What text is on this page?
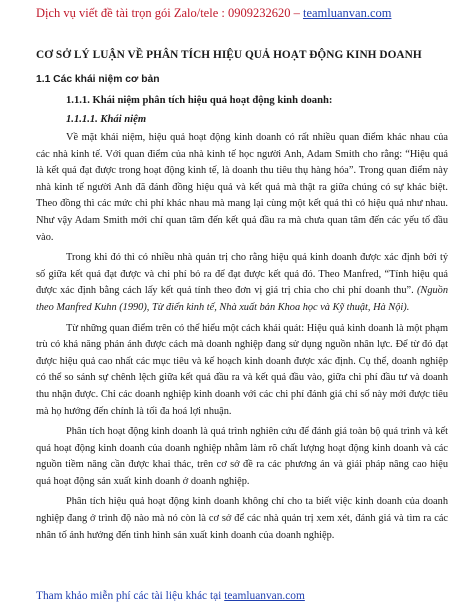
Dịch vụ viết đề tài trọn gói Zalo/tele : 0909232620 – teamluanvan.com
CƠ SỞ LÝ LUẬN VỀ PHÂN TÍCH HIỆU QUẢ HOẠT ĐỘNG KINH DOANH
1.1 Các khái niệm cơ bản
1.1.1. Khái niệm phân tích hiệu quả hoạt động kinh doanh:
1.1.1.1. Khái niệm

Về mặt khái niệm, hiệu quả hoạt động kinh doanh có rất nhiều quan điểm khác nhau của các nhà kinh tế. Với quan điểm của nhà kinh tế học người Anh, Adam Smith cho rằng: “Hiệu quả là kết quả đạt được trong hoạt động kinh tế, là doanh thu tiêu thụ hàng hóa”. Trong quan điểm này nhà kinh tế người Anh đã đánh đồng hiệu quả và kết quả mà thật ra giữa chúng có sự khác biệt. Theo đồng thì các mức chi phí khác nhau mà mang lại cùng một kết quả thì có hiệu quả như nhau. Như vậy Adam Smith mới chỉ quan tâm đến kết quả đầu ra mà chưa quan tâm đến các yếu tố đầu vào.

Trong khi đó thì có nhiều nhà quản trị cho rằng hiệu quả kinh doanh được xác định bởi tỷ số giữa kết quả đạt được và chi phí bỏ ra để đạt được kết quả đó. Theo Manfred, “Tính hiệu quả được xác định bằng cách lấy kết quả tính theo đơn vị giá trị chia cho chi phí doanh thu”. (Nguồn theo Manfred Kuhn (1990), Từ điển kinh tế, Nhà xuất bản Khoa học và Kỹ thuật, Hà Nội).

Từ những quan điểm trên có thể hiểu một cách khái quát: Hiệu quả kinh doanh là một phạm trù có khả năng phản ánh được cách mà doanh nghiệp đang sử dụng nguồn nhân lực. Để từ đó đạt được hiệu quả cao nhất các mục tiêu và kế hoạch kinh doanh được xác định. Cụ thể, doanh nghiệp có thể so sánh sự chênh lệch giữa kết quả đầu ra và kết quả đầu vào, giữa chi phí đầu tư và doanh thu nhận được. Chỉ các doanh nghiệp kinh doanh với các chi phí đánh giá chỉ số này mới được tiêu mà họ hướng đến chính là tối đa hoá lợi nhuận.

Phân tích hoạt động kinh doanh là quá trình nghiên cứu để đánh giá toàn bộ quá trình và kết quả hoạt động kinh doanh của doanh nghiệp nhằm làm rõ chất lượng hoạt động kinh doanh và các nguồn tiềm năng cần được khai thác, trên cơ sở đề ra các phương án và giải pháp nâng cao hiệu quả hoạt động sản xuất kinh doanh ở doanh nghiệp.

Phân tích hiệu quả hoạt động kinh doanh không chỉ cho ta biết việc kinh doanh của doanh nghiệp đang ở trình độ nào mà nó còn là cơ sở để các nhà quản trị xem xét, đánh giá và tìm ra các nhân tố ảnh hưởng đến tình hình sản xuất kinh doanh của doanh nghiệp.

Tham khảo miễn phí các tài liệu khác tại teamluanvan.com
